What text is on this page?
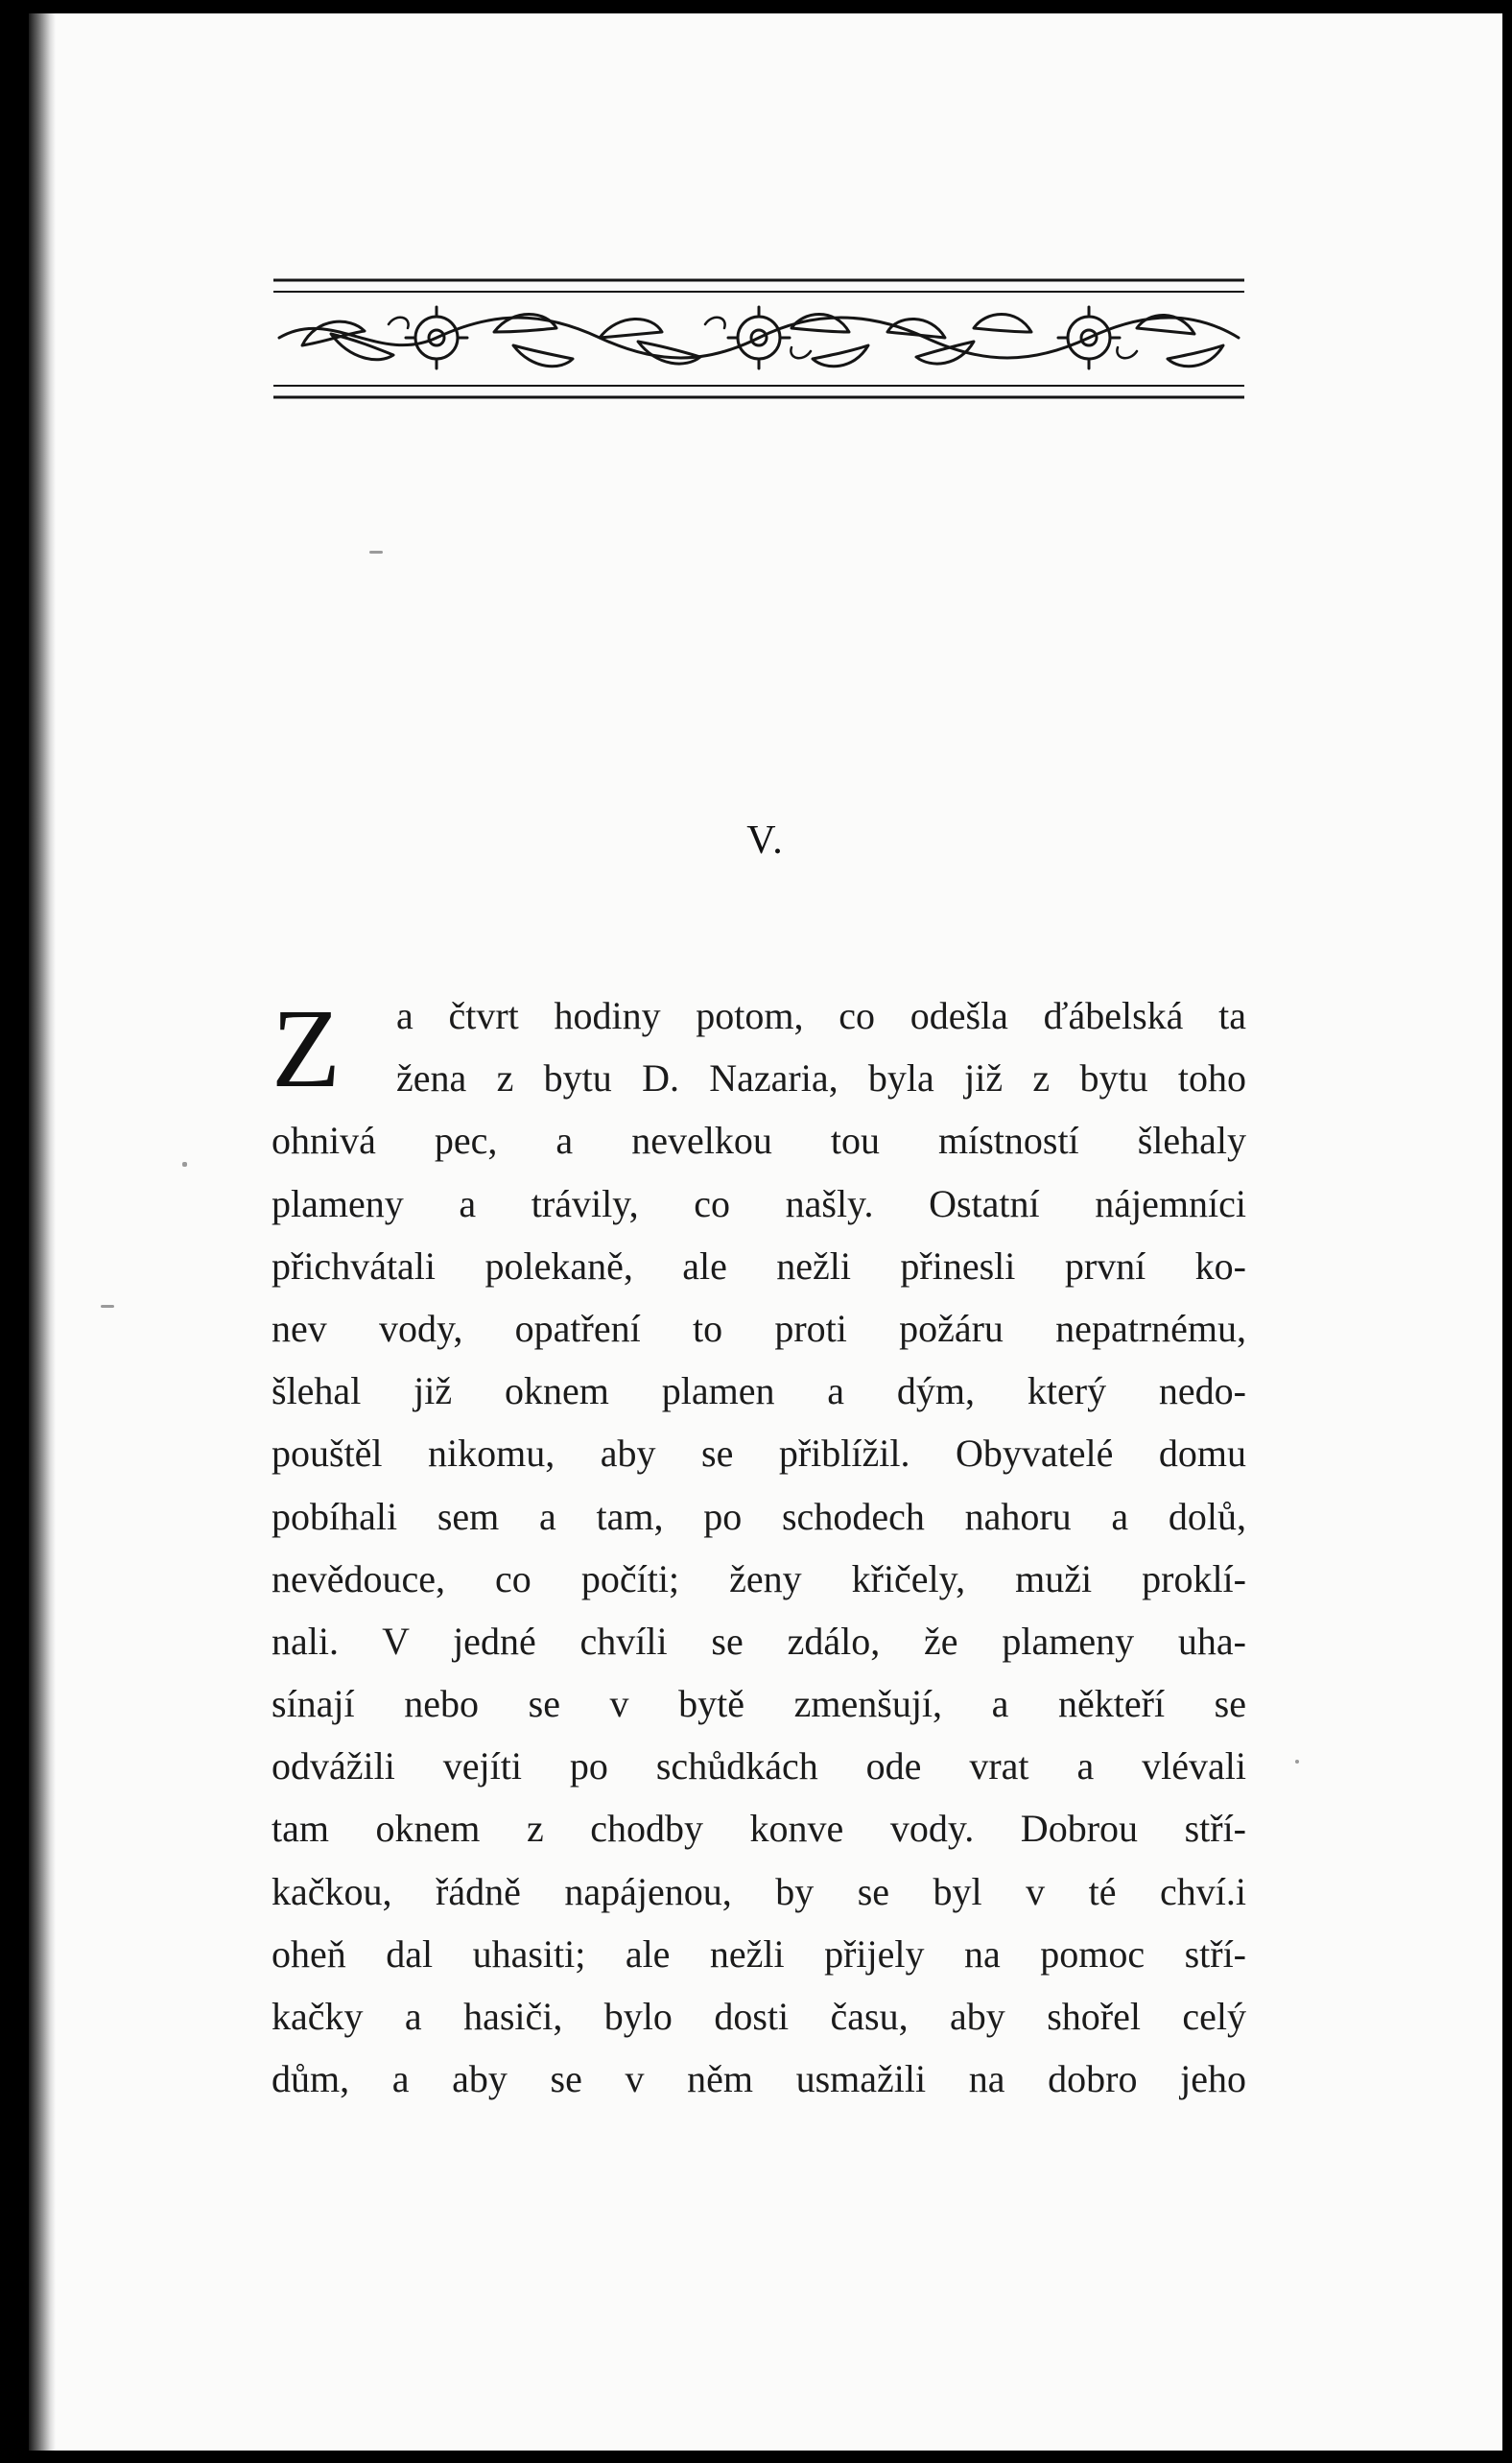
V.
Z	a čtvrt hodiny potom, co odešla ďábelská ta
žena z bytu D. Nazaria, byla již z bytu toho
ohnivá pec, a nevelkou tou místností šlehaly
plameny a trávily, co našly. Ostatní nájemníci
přichvátali polekaně, ale nežli přinesli první ko-
nev vody, opatření to proti požáru nepatrnému,
šlehal již oknem plamen a dým, který nedo-
pouštěl nikomu, aby se přiblížil. Obyvatelé domu
pobíhali sem a tam, po schodech nahoru a dolů,
nevědouce, co počíti; ženy křičely, muži proklí-
nali. V jedné chvíli se zdálo, že plameny uha-
sínají nebo se v bytě zmenšují, a někteří se
odvážili vejíti po schůdkách ode vrat a vlévali
tam oknem z chodby konve vody. Dobrou stří-
kačkou, řádně napájenou, by se byl v té chví.i
oheň dal uhasiti; ale nežli přijely na pomoc stří-
kačky a hasiči, bylo dosti času, aby shořel celý
dům, a aby se v něm usmažili na dobro jeho
